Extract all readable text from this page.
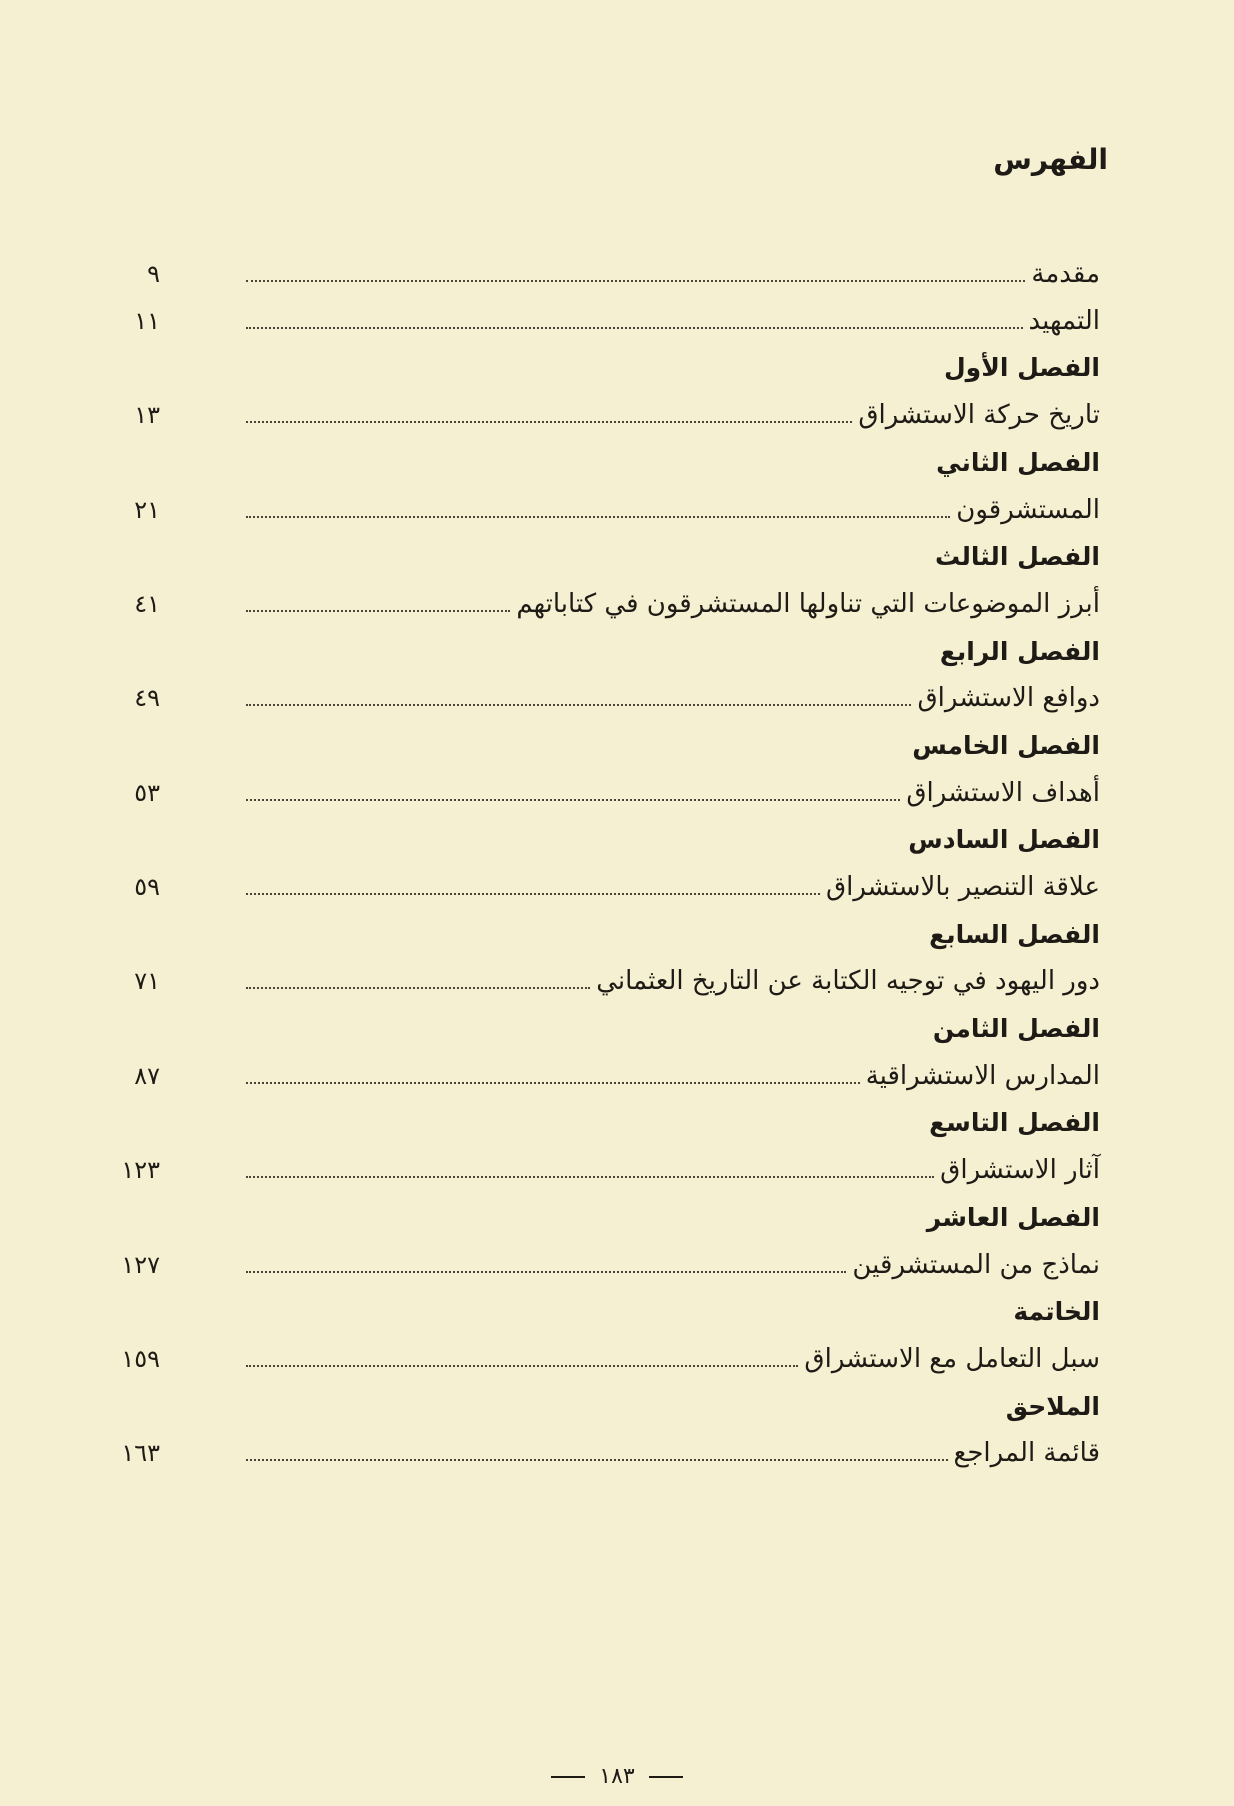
الفهرس
مقدمة
٩
التمهيد
١١
الفصل الأول
تاريخ حركة الاستشراق
١٣
الفصل الثاني
المستشرقون
٢١
الفصل الثالث
أبرز الموضوعات التي تناولها المستشرقون في كتاباتهم
٤١
الفصل الرابع
دوافع الاستشراق
٤٩
الفصل الخامس
أهداف الاستشراق
٥٣
الفصل السادس
علاقة التنصير بالاستشراق
٥٩
الفصل السابع
دور اليهود في توجيه الكتابة عن التاريخ العثماني
٧١
الفصل الثامن
المدارس الاستشراقية
٨٧
الفصل التاسع
آثار الاستشراق
١٢٣
الفصل العاشر
نماذج من المستشرقين
١٢٧
الخاتمة
سبل التعامل مع الاستشراق
١٥٩
الملاحق
قائمة المراجع
١٦٣
١٨٣
